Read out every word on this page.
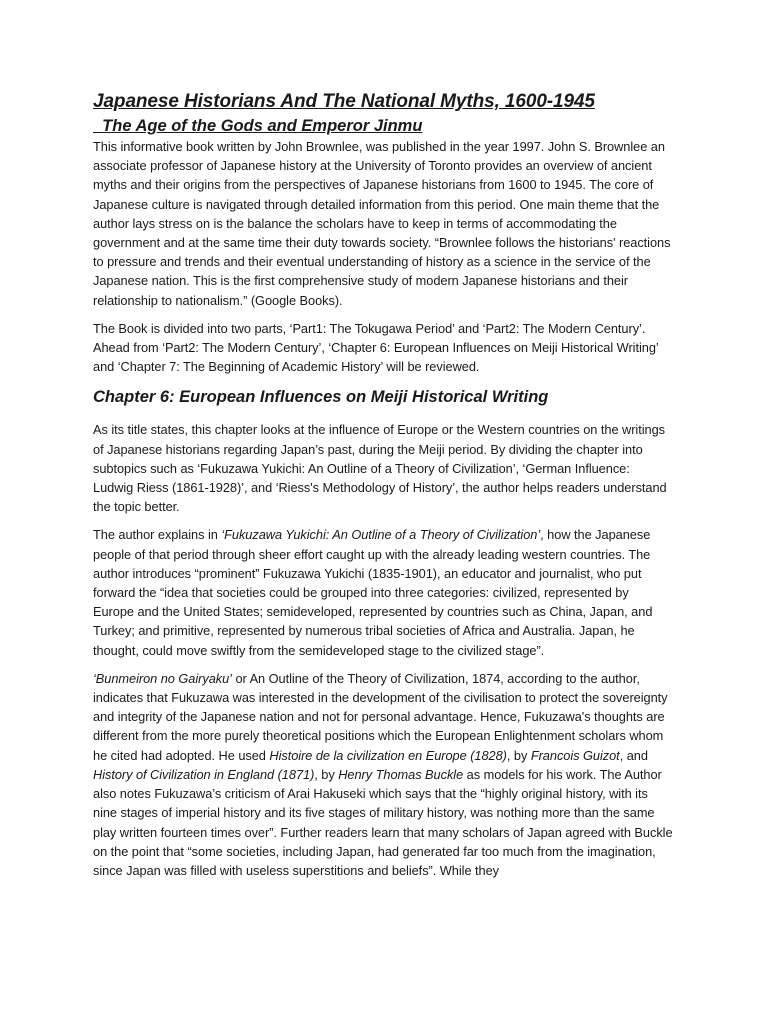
Japanese Historians And The National Myths, 1600-1945
The Age of the Gods and Emperor Jinmu

This informative book written by John Brownlee, was published in the year 1997. John S. Brownlee an associate professor of Japanese history at the University of Toronto provides an overview of ancient myths and their origins from the perspectives of Japanese historians from 1600 to 1945. The core of Japanese culture is navigated through detailed information from this period. One main theme that the author lays stress on is the balance the scholars have to keep in terms of accommodating the government and at the same time their duty towards society. “Brownlee follows the historians' reactions to pressure and trends and their eventual understanding of history as a science in the service of the Japanese nation. This is the first comprehensive study of modern Japanese historians and their relationship to nationalism.” (Google Books).

The Book is divided into two parts, ‘Part1: The Tokugawa Period’ and ‘Part2: The Modern Century’. Ahead from ‘Part2: The Modern Century’, ‘Chapter 6: European Influences on Meiji Historical Writing’ and ‘Chapter 7: The Beginning of Academic History’ will be reviewed.

Chapter 6: European Influences on Meiji Historical Writing

As its title states, this chapter looks at the influence of Europe or the Western countries on the writings of Japanese historians regarding Japan’s past, during the Meiji period. By dividing the chapter into subtopics such as ‘Fukuzawa Yukichi: An Outline of a Theory of Civilization’, ‘German Influence: Ludwig Riess (1861-1928)’, and ‘Riess's Methodology of History’, the author helps readers understand the topic better.

The author explains in ‘Fukuzawa Yukichi: An Outline of a Theory of Civilization’, how the Japanese people of that period through sheer effort caught up with the already leading western countries. The author introduces “prominent” Fukuzawa Yukichi (1835-1901), an educator and journalist, who put forward the “idea that societies could be grouped into three categories: civilized, represented by Europe and the United States; semideveloped, represented by countries such as China, Japan, and Turkey; and primitive, represented by numerous tribal societies of Africa and Australia. Japan, he thought, could move swiftly from the semideveloped stage to the civilized stage”.

‘Bunmeiron no Gairyaku’ or An Outline of the Theory of Civilization, 1874, according to the author, indicates that Fukuzawa was interested in the development of the civilisation to protect the sovereignty and integrity of the Japanese nation and not for personal advantage. Hence, Fukuzawa's thoughts are different from the more purely theoretical positions which the European Enlightenment scholars whom he cited had adopted. He used Histoire de la civilization en Europe (1828), by Francois Guizot, and History of Civilization in England (1871), by Henry Thomas Buckle as models for his work. The Author also notes Fukuzawa’s criticism of Arai Hakuseki which says that the “highly original history, with its nine stages of imperial history and its five stages of military history, was nothing more than the same play written fourteen times over”. Further readers learn that many scholars of Japan agreed with Buckle on the point that “some societies, including Japan, had generated far too much from the imagination, since Japan was filled with useless superstitions and beliefs”. While they
